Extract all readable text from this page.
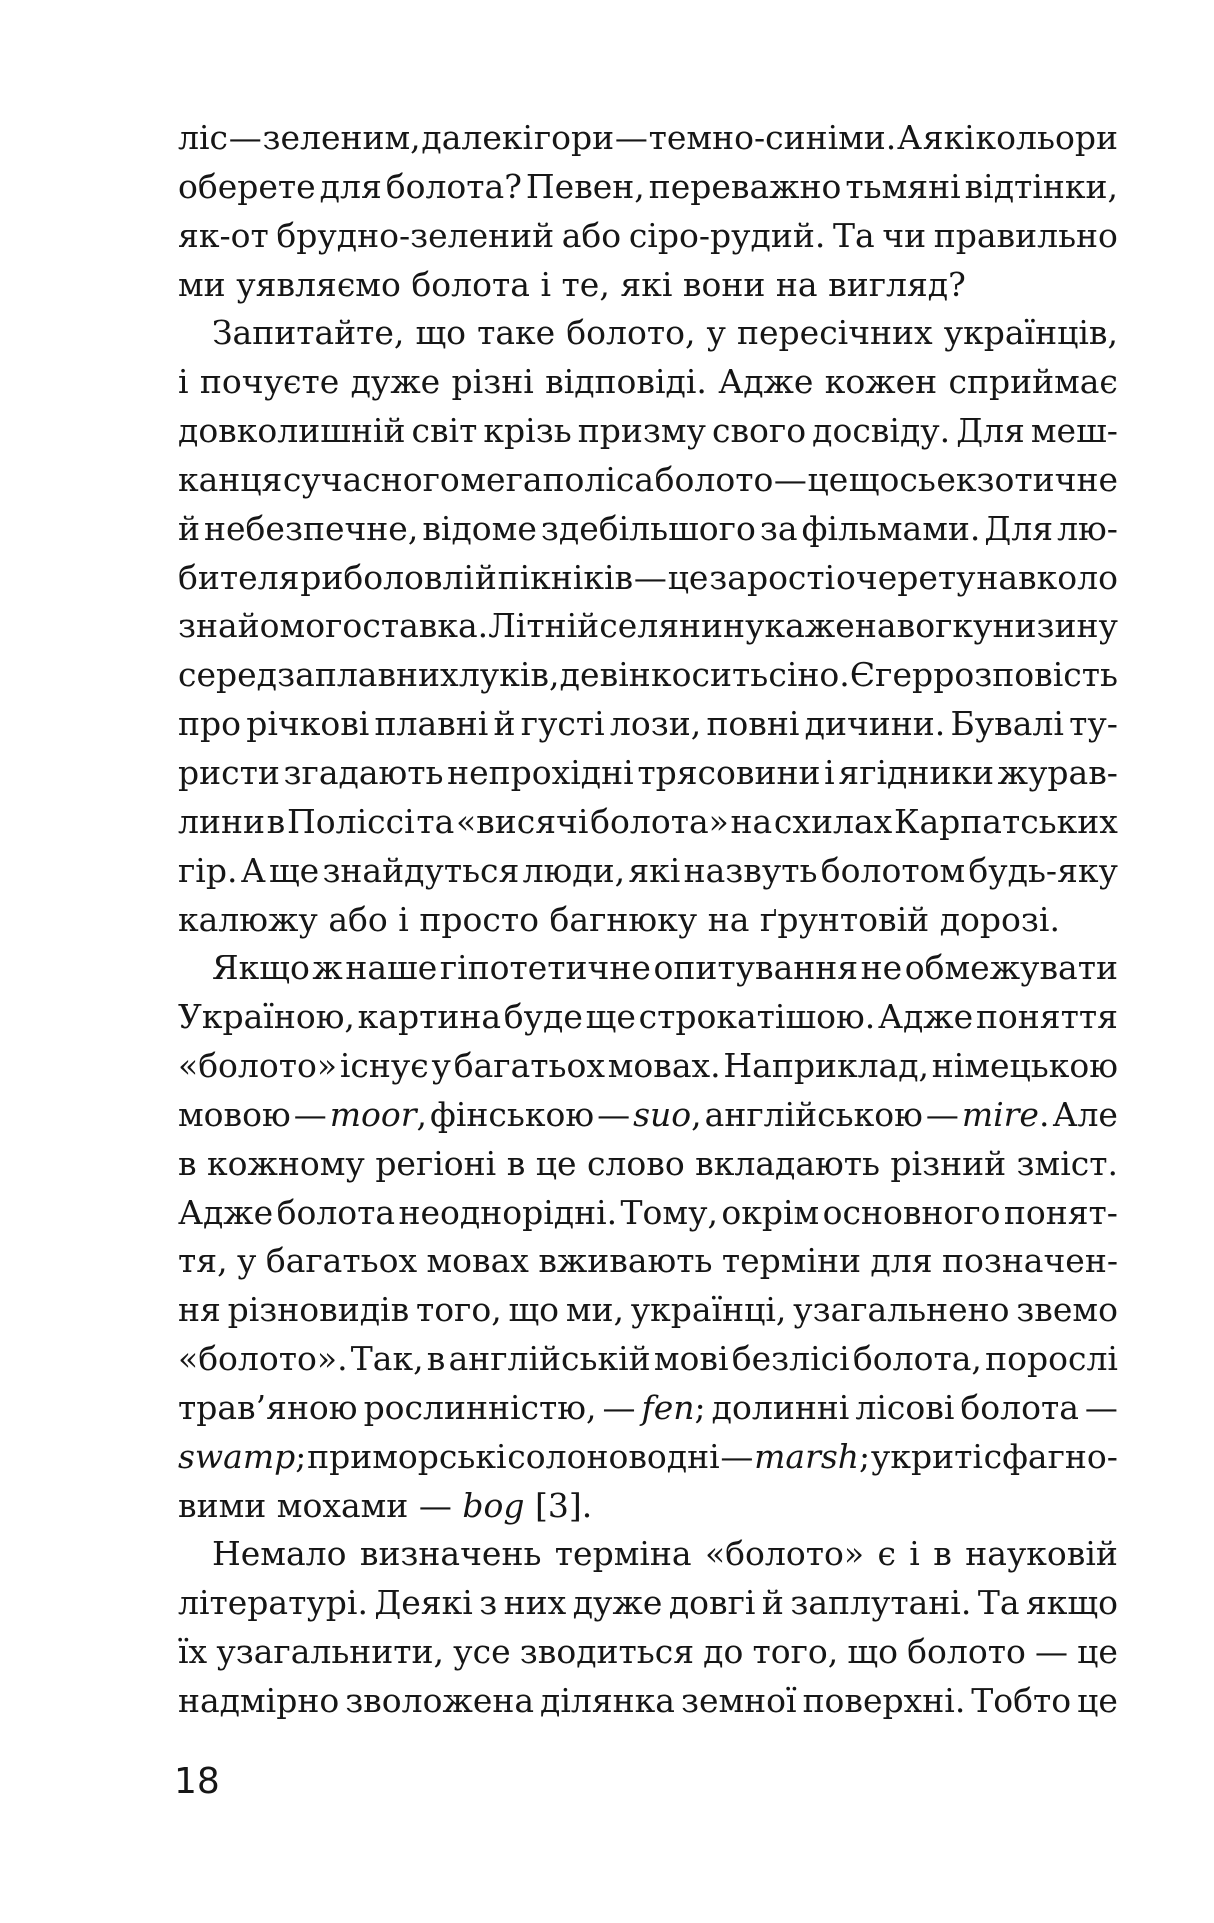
ліс — зеленим, далекі гори — темно-синіми. А які кольори
оберете для болота? Певен, переважно тьмяні відтінки,
як-от брудно-зелений або сіро-рудий. Та чи правильно
ми уявляємо болота і те, які вони на вигляд?
Запитайте, що таке болото, у пересічних українців,
і почуєте дуже різні відповіді. Адже кожен сприймає
довколишній світ крізь призму свого досвіду. Для меш-
канця сучасного мегаполіса болото — це щось екзотичне
й небезпечне, відоме здебільшого за фільмами. Для лю-
бителя риболовлі й пікніків — це зарості очерету навколо
знайомого ставка. Літній селянин укаже на вогку низину
серед заплавних луків, де він косить сіно. Єгер розповість
про річкові плавні й густі лози, повні дичини. Бувалі ту-
ристи згадають непрохідні трясовини і ягідники журав-
лини в Поліссі та «висячі болота» на схилах Карпатських
гір. А ще знайдуться люди, які назвуть болотом будь-яку
калюжу або і просто багнюку на ґрунтовій дорозі.
Якщо ж наше гіпотетичне опитування не обмежувати
Україною, картина буде ще строкатішою. Адже поняття
«болото» існує у багатьох мовах. Наприклад, німецькою
мовою — moor, фінською — suo, англійською — mire. Але
в кожному регіоні в це слово вкладають різний зміст.
Адже болота неоднорідні. Тому, окрім основного понят-
тя, у багатьох мовах вживають терміни для позначен-
ня різновидів того, що ми, українці, узагальнено звемо
«болото». Так, в англійській мові безлісі болота, порослі
трав’яною рослинністю, — fen; долинні лісові болота —
swamp; приморські солоноводні — marsh; укриті сфагно-
вими мохами — bog [3].
Немало визначень терміна «болото» є і в науковій
літературі. Деякі з них дуже довгі й заплутані. Та якщо
їх узагальнити, усе зводиться до того, що болото — це
надмірно зволожена ділянка земної поверхні. Тобто це
18
